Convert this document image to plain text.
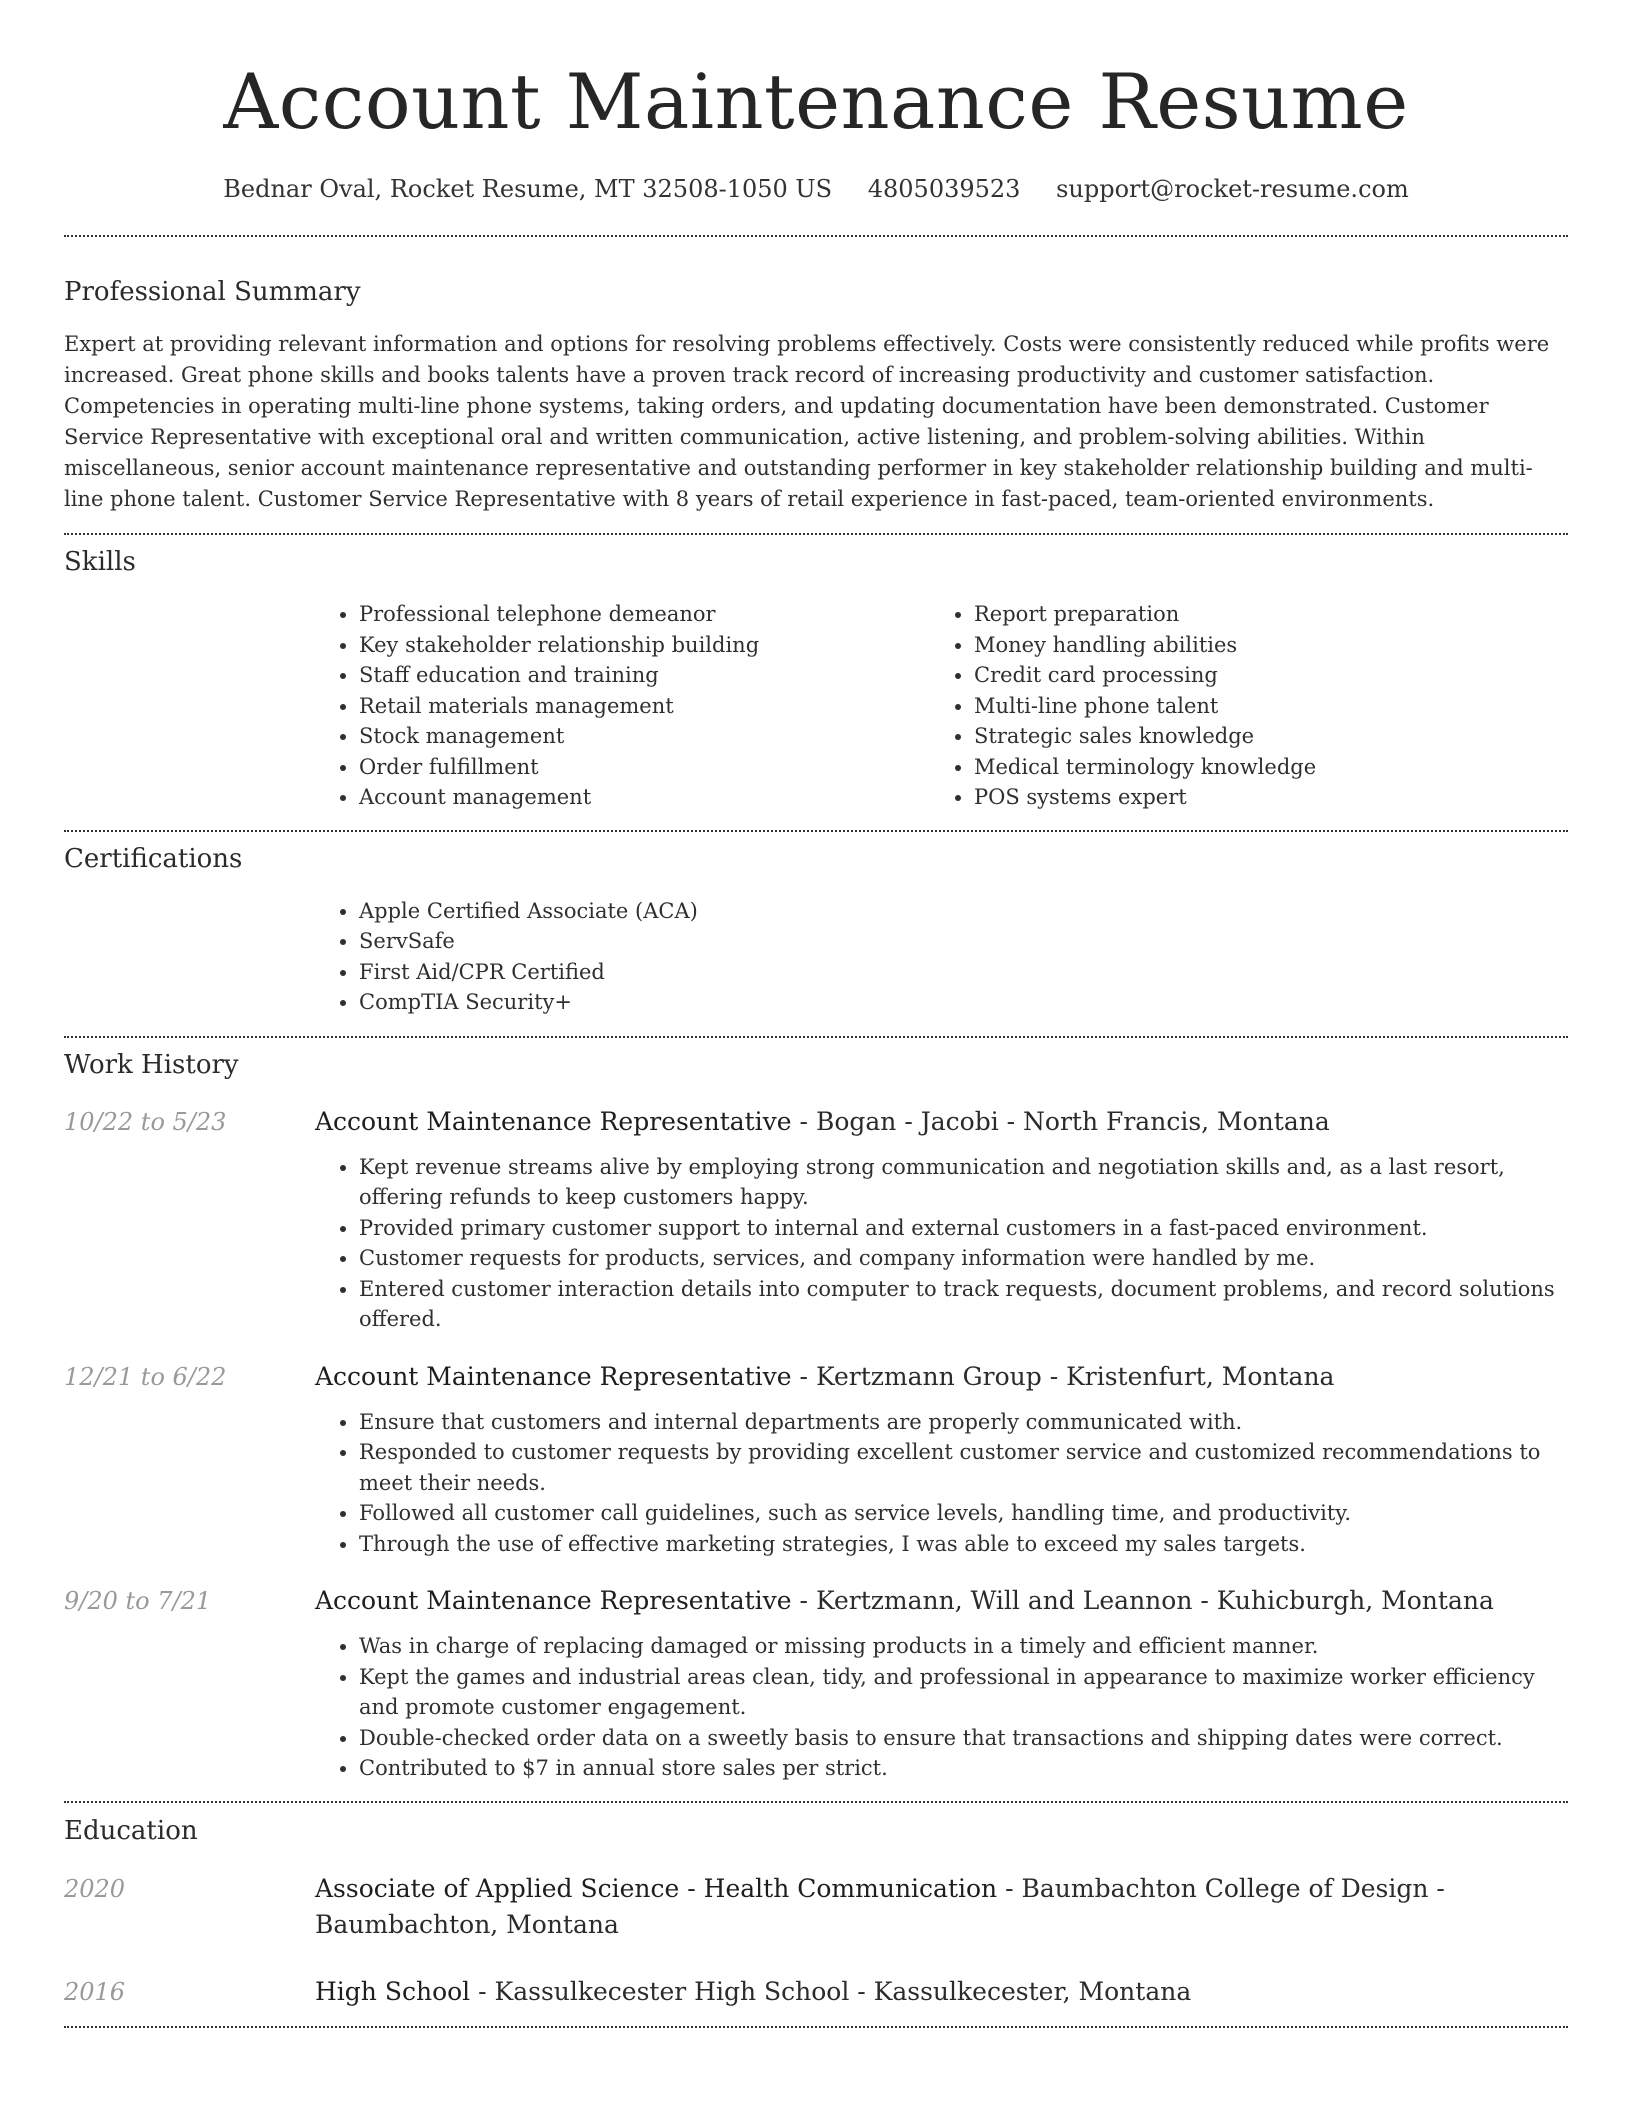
Account Maintenance Resume
Bednar Oval, Rocket Resume, MT 32508-1050 US 4805039523 support@rocket-resume.com
Professional Summary

Expert at providing relevant information and options for resolving problems effectively. Costs were consistently reduced while profits were increased. Great phone skills and books talents have a proven track record of increasing productivity and customer satisfaction. Competencies in operating multi-line phone systems, taking orders, and updating documentation have been demonstrated. Customer Service Representative with exceptional oral and written communication, active listening, and problem-solving abilities. Within miscellaneous, senior account maintenance representative and outstanding performer in key stakeholder relationship building and multi-line phone talent. Customer Service Representative with 8 years of retail experience in fast-paced, team-oriented environments.

Skills
• Professional telephone demeanor
• Key stakeholder relationship building
• Staff education and training
• Retail materials management
• Stock management
• Order fulfillment
• Account management
• Report preparation
• Money handling abilities
• Credit card processing
• Multi-line phone talent
• Strategic sales knowledge
• Medical terminology knowledge
• POS systems expert
Certifications
• Apple Certified Associate (ACA)
• ServSafe
• First Aid/CPR Certified
• CompTIA Security+
Work History
10/22 to 5/23	Account Maintenance Representative - Bogan - Jacobi - North Francis, Montana
• Kept revenue streams alive by employing strong communication and negotiation skills and, as a last resort, offering refunds to keep customers happy.
• Provided primary customer support to internal and external customers in a fast-paced environment.
• Customer requests for products, services, and company information were handled by me.
• Entered customer interaction details into computer to track requests, document problems, and record solutions offered.
12/21 to 6/22	Account Maintenance Representative - Kertzmann Group - Kristenfurt, Montana
• Ensure that customers and internal departments are properly communicated with.
• Responded to customer requests by providing excellent customer service and customized recommendations to meet their needs.
• Followed all customer call guidelines, such as service levels, handling time, and productivity.
• Through the use of effective marketing strategies, I was able to exceed my sales targets.
9/20 to 7/21	Account Maintenance Representative - Kertzmann, Will and Leannon - Kuhicburgh, Montana
• Was in charge of replacing damaged or missing products in a timely and efficient manner.
• Kept the games and industrial areas clean, tidy, and professional in appearance to maximize worker efficiency and promote customer engagement.
• Double-checked order data on a sweetly basis to ensure that transactions and shipping dates were correct.
• Contributed to $7 in annual store sales per strict.
Education
2020	Associate of Applied Science - Health Communication - Baumbachton College of Design - Baumbachton, Montana
2016	High School - Kassulkecester High School - Kassulkecester, Montana
